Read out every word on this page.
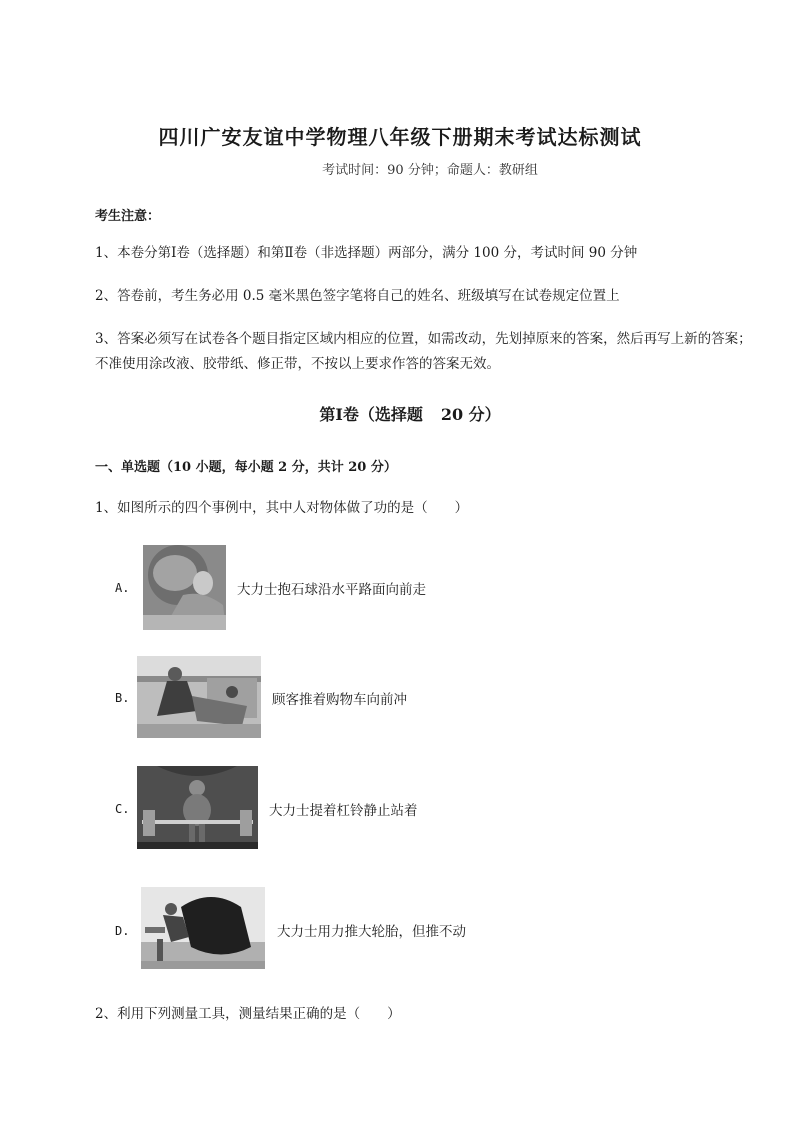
四川广安友谊中学物理八年级下册期末考试达标测试
考试时间：90 分钟；命题人：教研组
考生注意：
1、本卷分第Ⅰ卷（选择题）和第Ⅱ卷（非选择题）两部分，满分 100 分，考试时间 90 分钟
2、答卷前，考生务必用 0.5 毫米黑色签字笔将自己的姓名、班级填写在试卷规定位置上
3、答案必须写在试卷各个题目指定区域内相应的位置，如需改动，先划掉原来的答案，然后再写上新的答案；不准使用涂改液、胶带纸、修正带，不按以上要求作答的答案无效。
第Ⅰ卷（选择题 20 分）
一、单选题（10 小题，每小题 2 分，共计 20 分）
1、如图所示的四个事例中，其中人对物体做了功的是（　　）
A.	大力士抱石球沿水平路面向前走
B.	顾客推着购物车向前冲
C.	大力士提着杠铃静止站着
D.	大力士用力推大轮胎，但推不动
2、利用下列测量工具，测量结果正确的是（　　）
